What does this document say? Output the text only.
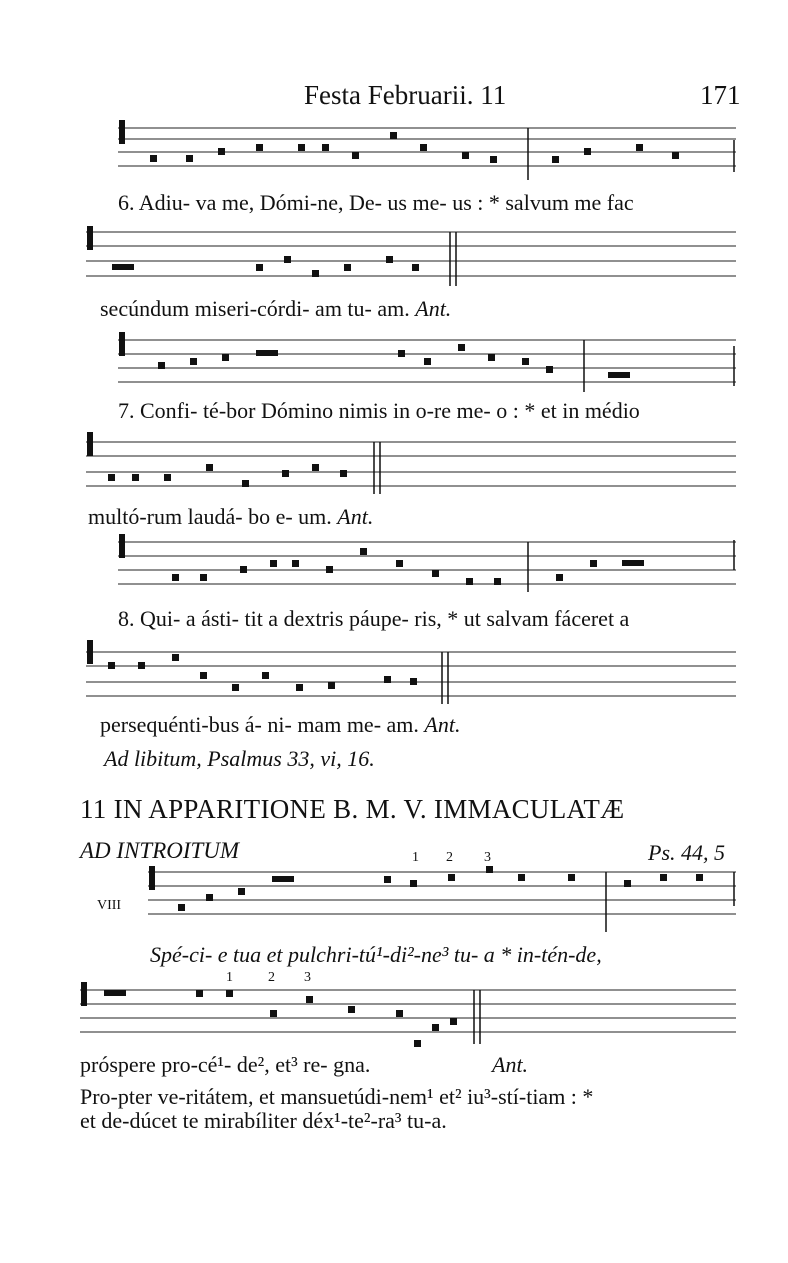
Festa Februarii. 11	171
6. Adiu- va me, Dómi-ne, De- us me- us : * salvum me fac
secúndum miseri-córdi- am tu- am. Ant.
7. Confi- té-bor Dómino nimis in o-re me- o : * et in médio
multó-rum laudá- bo e- um. Ant.
8. Qui- a ásti- tit a dextris páupe- ris, * ut salvam fáceret a
persequénti-bus á- ni- mam me- am. Ant.
Ad libitum, Psalmus 33, vi, 16.
11 IN APPARITIONE B. M. V. IMMACULATÆ
AD INTROITUM	Ps. 44, 5
VIII
1 2 3
Spé-ci- e tua et pulchri-tú¹-di²-ne³ tu- a * in-tén-de,
1	2 3
próspere pro-cé¹- de², et³ re- gna.	Ant.
Pro-pter ve-ritátem, et mansuetúdi-nem¹ et² iu³-stí-tiam : *
et de-dúcet te mirabíliter déx¹-te²-ra³ tu-a.
